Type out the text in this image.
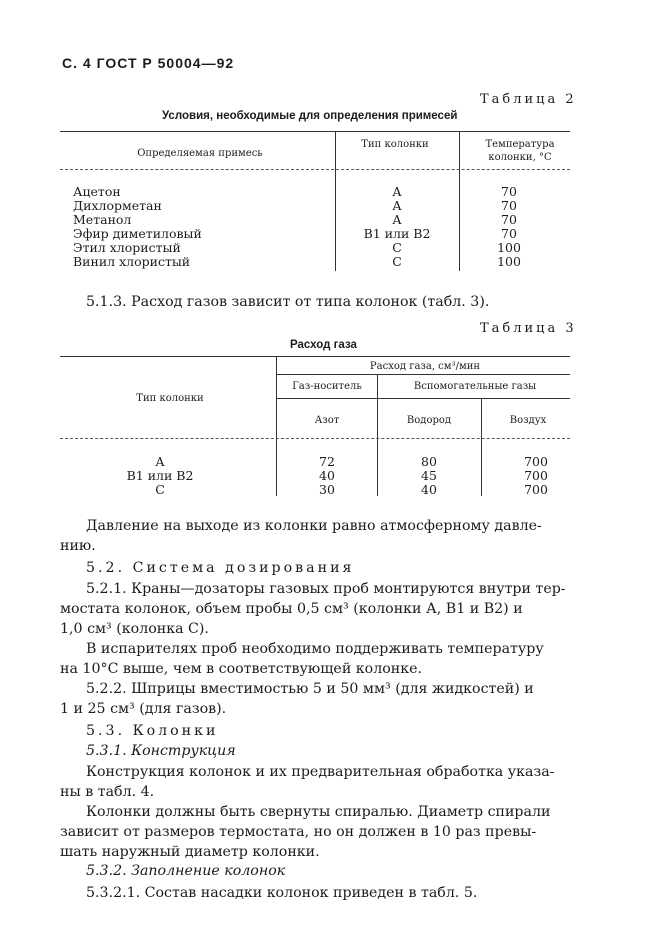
С. 4 ГОСТ Р 50004—92
Таблица 2
Условия, необходимые для определения примесей
Определяемая примесь
Тип колонки	Температура колонки, °С
Ацетон	А	70
Дихлорметан	А	70
Метанол	А	70
Эфир диметиловый	В1 или В2	70
Этил хлористый	С	100
Винил хлористый	С	100
5.1.3. Расход газов зависит от типа колонок (табл. 3).
Таблица 3
Расход газа
Тип колонки
Расход газа, см³/мин
Газ-носитель	Вспомогательные газы
Азот	Водород	Воздух
А	72	80	700
В1 или В2	40	45	700
С	30	40	700
Давление на выходе из колонки равно атмосферному давле-
нию.
5.2. Система дозирования
5.2.1. Краны—дозаторы газовых проб монтируются внутри тер-
мостата колонок, объем пробы 0,5 см³ (колонки А, В1 и В2) и
1,0 см³ (колонка С).
В испарителях проб необходимо поддерживать температуру
на 10°С выше, чем в соответствующей колонке.
5.2.2. Шприцы вместимостью 5 и 50 мм³ (для жидкостей) и
1 и 25 см³ (для газов).
5.3. Колонки
5.3.1. Конструкция
Конструкция колонок и их предварительная обработка указа-
ны в табл. 4.
Колонки должны быть свернуты спиралью. Диаметр спирали
зависит от размеров термостата, но он должен в 10 раз превы-
шать наружный диаметр колонки.
5.3.2. Заполнение колонок
5.3.2.1. Состав насадки колонок приведен в табл. 5.
